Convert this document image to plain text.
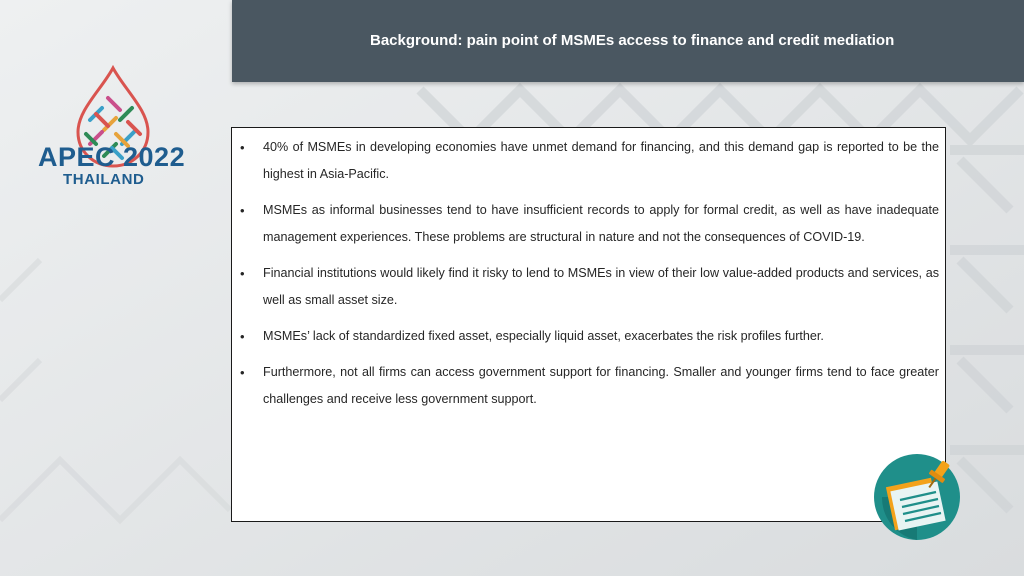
Background: pain point of MSMEs access to finance and credit mediation
APEC 2022
THAILAND
• 40% of MSMEs in developing economies have unmet demand for financing, and this demand gap is reported to be the highest in Asia-Pacific.
• MSMEs as informal businesses tend to have insufficient records to apply for formal credit, as well as have inadequate management experiences. These problems are structural in nature and not the consequences of COVID-19.
• Financial institutions would likely find it risky to lend to MSMEs in view of their low value-added products and services, as well as small asset size.
• MSMEs’ lack of standardized fixed asset, especially liquid asset, exacerbates the risk profiles further.
• Furthermore, not all firms can access government support for financing. Smaller and younger firms tend to face greater challenges and receive less government support.
